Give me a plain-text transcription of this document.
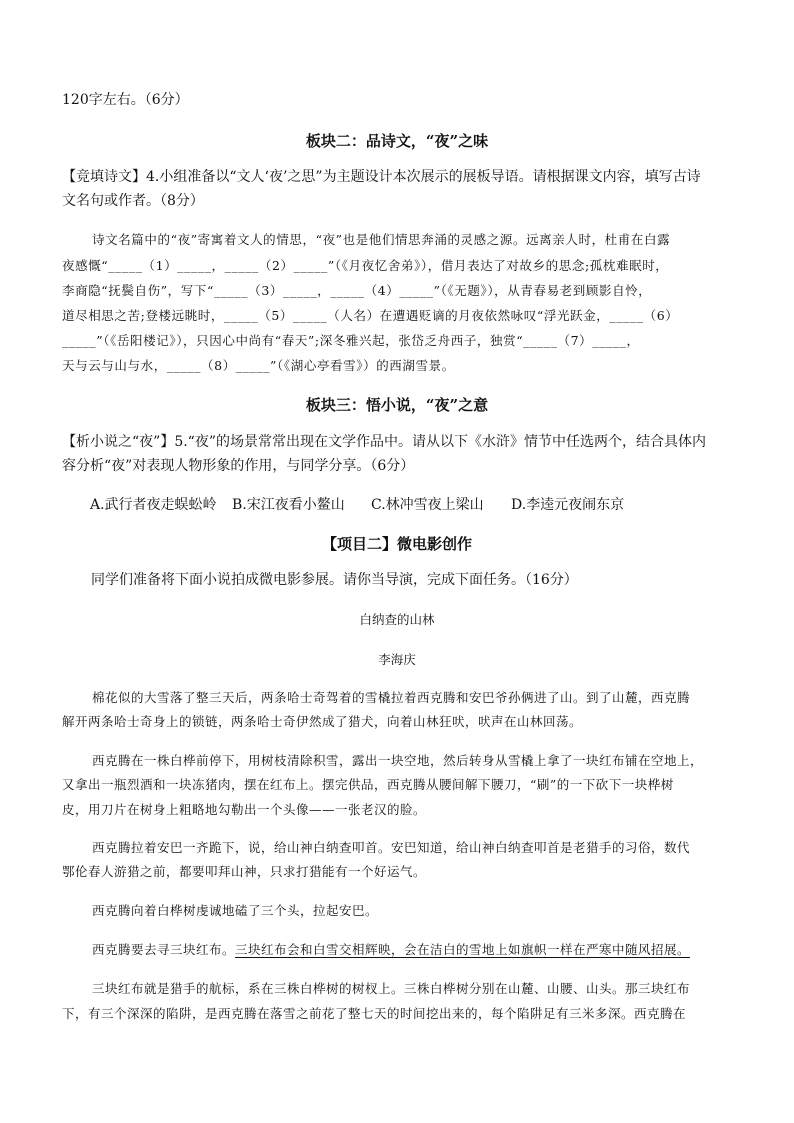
120字左右。（6分）
板块二：品诗文，“夜”之味
【竞填诗文】4.小组准备以“文人‘夜’之思”为主题设计本次展示的展板导语。请根据课文内容，填写古诗
文名句或作者。（8分）
诗文名篇中的“夜”寄寓着文人的情思，“夜”也是他们情思奔涌的灵感之源。远离亲人时，杜甫在白露
夜感慨“_____（1）_____，_____（2）_____”（《月夜忆舍弟》），借月表达了对故乡的思念;孤枕难眠时，
李商隐“抚鬓自伤”，写下“_____（3）_____，_____（4）_____”（《无题》），从青春易老到顾影自怜，
道尽相思之苦;登楼远眺时，_____（5）_____（人名）在遭遇贬谪的月夜依然咏叹“浮光跃金，_____（6）
_____”（《岳阳楼记》），只因心中尚有“春天”;深冬雅兴起，张岱乏舟西子，独赏“_____（7）_____，
天与云与山与水，_____（8）_____”（《湖心亭看雪》）的西湖雪景。
板块三：悟小说，“夜”之意
【析小说之“夜”】5.“夜”的场景常常出现在文学作品中。请从以下《水浒》情节中任选两个，结合具体内
容分析“夜”对表现人物形象的作用，与同学分享。（6分）
A.武行者夜走蜈蚣岭 B.宋江夜看小鳌山 C.林冲雪夜上梁山 D.李逵元夜闹东京
【项目二】微电影创作
同学们准备将下面小说拍成微电影参展。请你当导演，完成下面任务。（16分）
白纳查的山林
李海庆
棉花似的大雪落了整三天后，两条哈士奇驾着的雪橇拉着西克腾和安巴爷孙俩进了山。到了山麓，西克腾
解开两条哈士奇身上的锁链，两条哈士奇伊然成了猎犬，向着山林狂吠，吠声在山林回荡。
西克腾在一株白桦前停下，用树枝清除积雪，露出一块空地，然后转身从雪橇上拿了一块红布铺在空地上，
又拿出一瓶烈酒和一块冻猪肉，摆在红布上。摆完供品，西克腾从腰间解下腰刀，“刷”的一下砍下一块桦树
皮，用刀片在树身上粗略地勾勒出一个头像——一张老汉的脸。
西克腾拉着安巴一齐跪下，说，给山神白纳查叩首。安巴知道，给山神白纳查叩首是老猎手的习俗，数代
鄂伦春人游猎之前，都要叩拜山神，只求打猎能有一个好运气。
西克腾向着白桦树虔诚地磕了三个头，拉起安巴。
西克腾要去寻三块红布。三块红布会和白雪交相辉映，会在洁白的雪地上如旗帜一样在严寒中随风招展。
三块红布就是猎手的航标，系在三株白桦树的树杈上。三株白桦树分别在山麓、山腰、山头。那三块红布
下，有三个深深的陷阱，是西克腾在落雪之前花了整七天的时间挖出来的，每个陷阱足有三米多深。西克腾在
